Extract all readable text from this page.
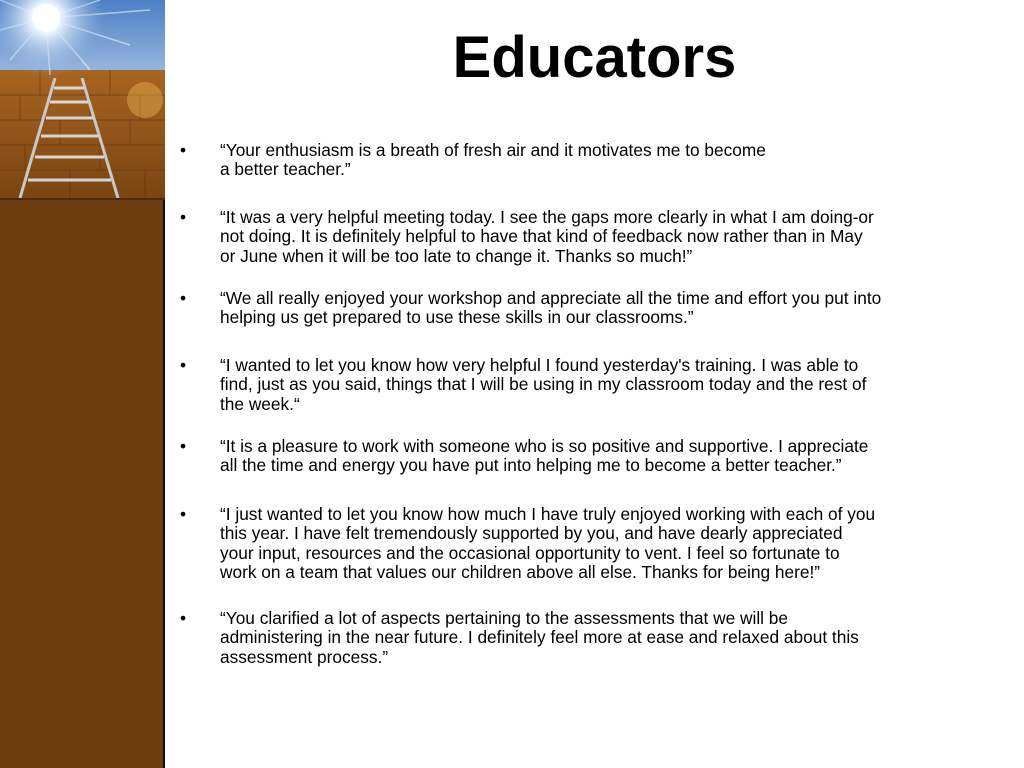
Educators
•	“Your enthusiasm is a breath of fresh air and it motivates me to become
a better teacher.”
•	“It was a very helpful meeting today. I see the gaps more clearly in what I am doing-or
not doing. It is definitely helpful to have that kind of feedback now rather than in May
or June when it will be too late to change it. Thanks so much!”
•	“We all really enjoyed your workshop and appreciate all the time and effort you put into
helping us get prepared to use these skills in our classrooms.”
•	“I wanted to let you know how very helpful I found yesterday's training. I was able to
find, just as you said, things that I will be using in my classroom today and the rest of
the week.“
•	“It is a pleasure to work with someone who is so positive and supportive. I appreciate
all the time and energy you have put into helping me to become a better teacher.”
•	“I just wanted to let you know how much I have truly enjoyed working with each of you
this year. I have felt tremendously supported by you, and have dearly appreciated
your input, resources and the occasional opportunity to vent. I feel so fortunate to
work on a team that values our children above all else. Thanks for being here!”
•	“You clarified a lot of aspects pertaining to the assessments that we will be
administering in the near future. I definitely feel more at ease and relaxed about this
assessment process.”
